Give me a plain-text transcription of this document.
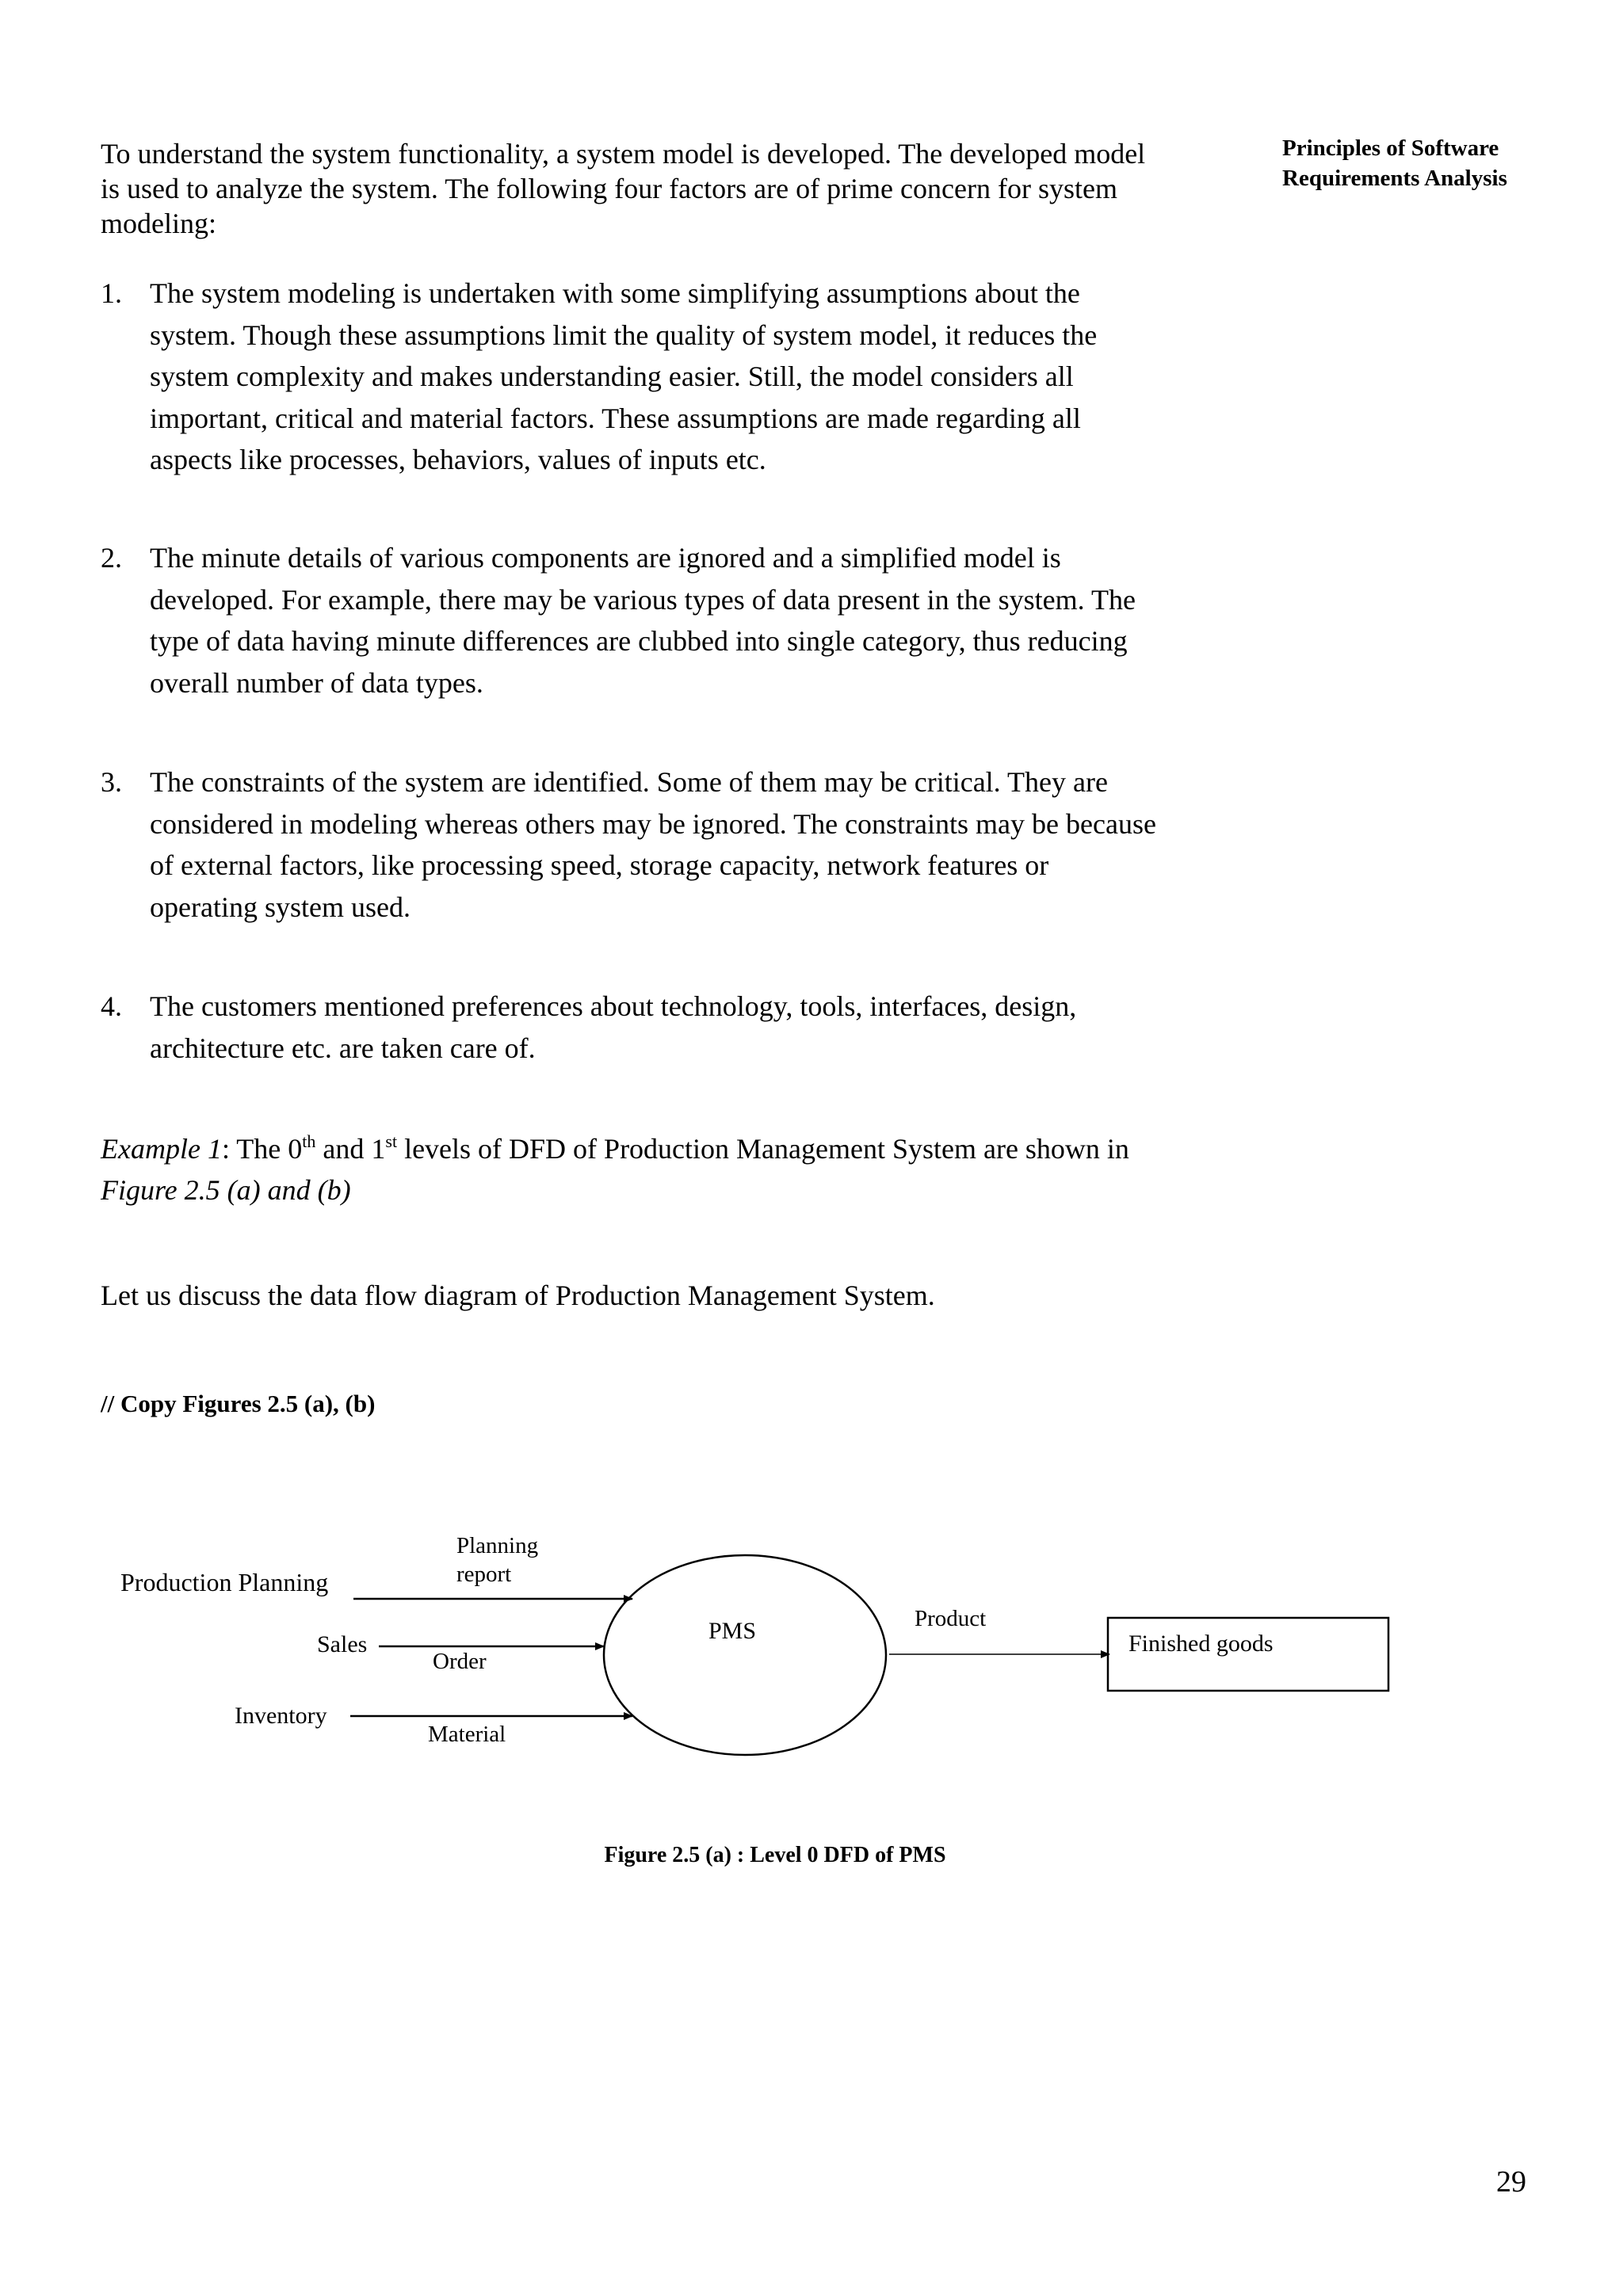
Principles of Software
Requirements Analysis

To understand the system functionality, a system model is developed. The developed model is used to analyze the system. The following four factors are of prime concern for system modeling:

1. The system modeling is undertaken with some simplifying assumptions about the system. Though these assumptions limit the quality of system model, it reduces the system complexity and makes understanding easier. Still, the model considers all important, critical and material factors. These assumptions are made regarding all aspects like processes, behaviors, values of inputs etc.
2. The minute details of various components are ignored and a simplified model is developed. For example, there may be various types of data present in the system. The type of data having minute differences are clubbed into single category, thus reducing overall number of data types.
3. The constraints of the system are identified. Some of them may be critical. They are considered in modeling whereas others may be ignored. The constraints may be because of external factors, like processing speed, storage capacity, network features or operating system used.
4. The customers mentioned preferences about technology, tools, interfaces, design, architecture etc. are taken care of.

Example 1: The 0th and 1st levels of DFD of Production Management System are shown in Figure 2.5 (a) and (b)

Let us discuss the data flow diagram of Production Management System.

// Copy Figures 2.5 (a), (b)
PMS
Production Planning
Sales
Inventory
Planning
report
Order
Material
Product
Finished goods
Figure 2.5 (a) : Level 0 DFD of PMS
29
